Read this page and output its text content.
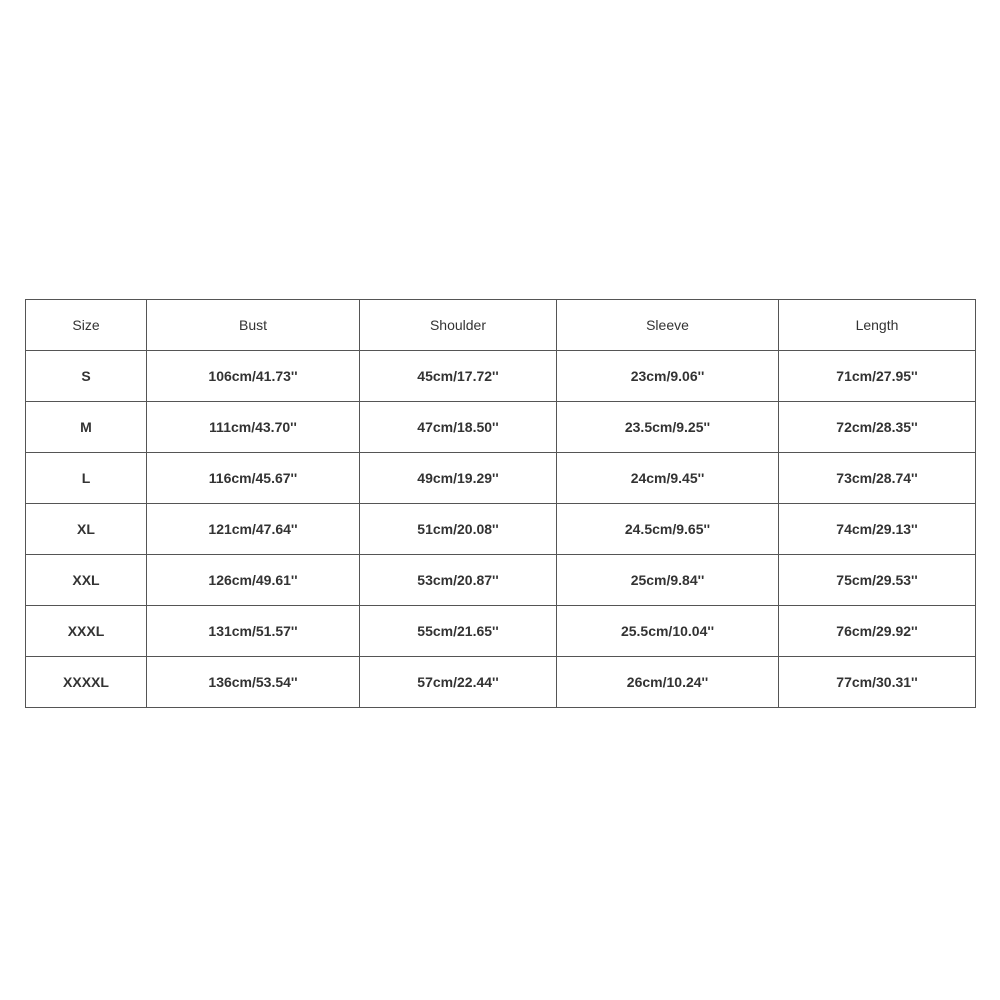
Size	Bust	Shoulder	Sleeve	Length
S	106cm/41.73''	45cm/17.72''	23cm/9.06''	71cm/27.95''
M	111cm/43.70''	47cm/18.50''	23.5cm/9.25''	72cm/28.35''
L	116cm/45.67''	49cm/19.29''	24cm/9.45''	73cm/28.74''
XL	121cm/47.64''	51cm/20.08''	24.5cm/9.65''	74cm/29.13''
XXL	126cm/49.61''	53cm/20.87''	25cm/9.84''	75cm/29.53''
XXXL	131cm/51.57''	55cm/21.65''	25.5cm/10.04''	76cm/29.92''
XXXXL	136cm/53.54''	57cm/22.44''	26cm/10.24''	77cm/30.31''
